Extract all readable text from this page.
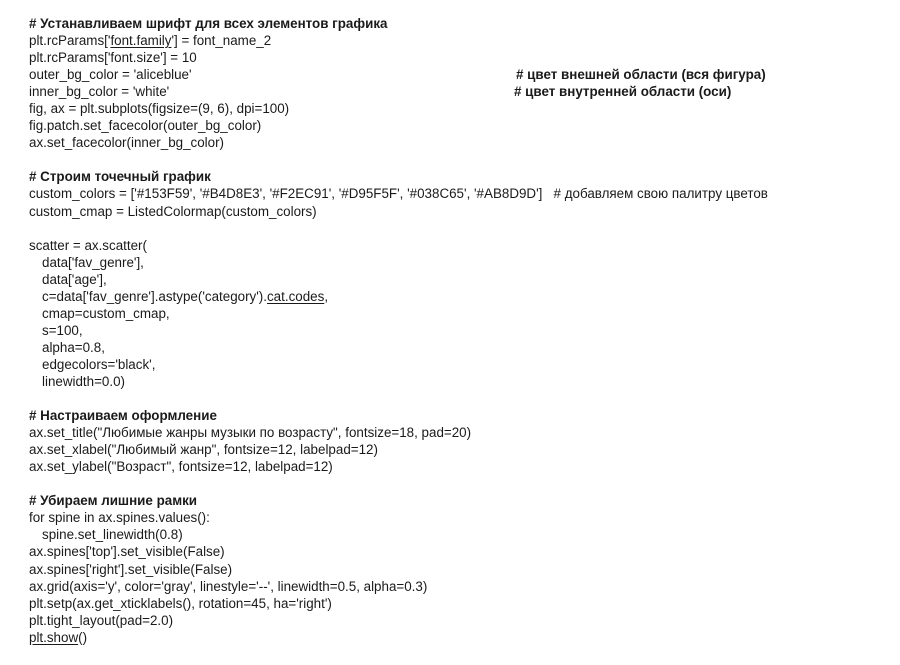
# Устанавливаем шрифт для всех элементов графика
plt.rcParams['font.family'] = font_name_2
plt.rcParams['font.size'] = 10
outer_bg_color = 'aliceblue'	# цвет внешней области (вся фигура)
inner_bg_color = 'white'	# цвет внутренней области (оси)
fig, ax = plt.subplots(figsize=(9, 6), dpi=100)
fig.patch.set_facecolor(outer_bg_color)
ax.set_facecolor(inner_bg_color)
# Строим точечный график
custom_colors = ['#153F59', '#B4D8E3', '#F2EC91', '#D95F5F', '#038C65', '#AB8D9D']   # добавляем свою палитру цветов
custom_cmap = ListedColormap(custom_colors)
scatter = ax.scatter(
data['fav_genre'],
data['age'],
c=data['fav_genre'].astype('category').cat.codes,
cmap=custom_cmap,
s=100,
alpha=0.8,
edgecolors='black',
linewidth=0.0)
# Настраиваем оформление
ax.set_title("Любимые жанры музыки по возрасту", fontsize=18, pad=20)
ax.set_xlabel("Любимый жанр", fontsize=12, labelpad=12)
ax.set_ylabel("Возраст", fontsize=12, labelpad=12)
# Убираем лишние рамки
for spine in ax.spines.values():
spine.set_linewidth(0.8)
ax.spines['top'].set_visible(False)
ax.spines['right'].set_visible(False)
ax.grid(axis='y', color='gray', linestyle='--', linewidth=0.5, alpha=0.3)
plt.setp(ax.get_xticklabels(), rotation=45, ha='right')
plt.tight_layout(pad=2.0)
plt.show()
